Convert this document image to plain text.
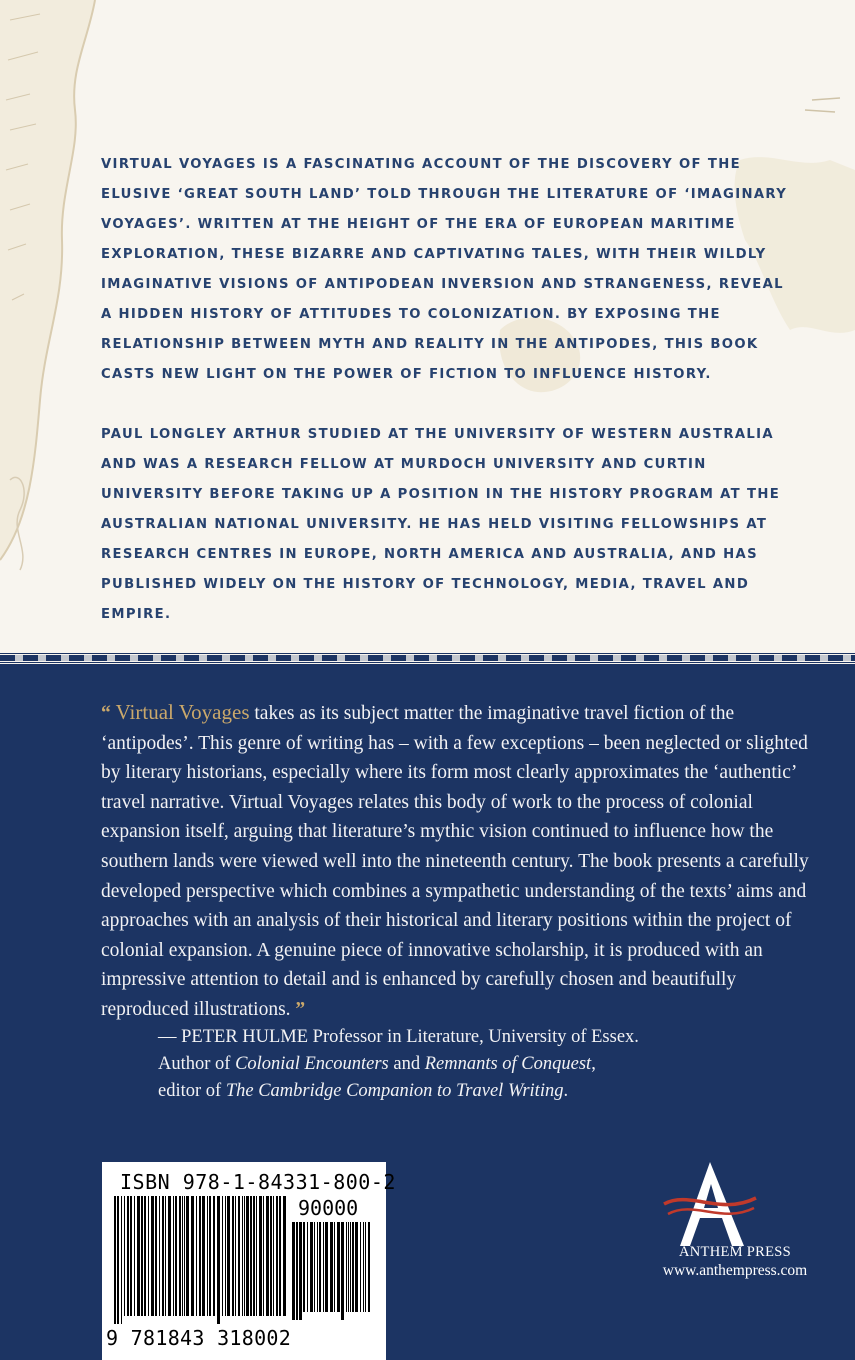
VIRTUAL VOYAGES IS A FASCINATING ACCOUNT OF THE DISCOVERY OF THE ELUSIVE ‘GREAT SOUTH LAND’ TOLD THROUGH THE LITERATURE OF ‘IMAGINARY VOYAGES’. WRITTEN AT THE HEIGHT OF THE ERA OF EUROPEAN MARITIME EXPLORATION, THESE BIZARRE AND CAPTIVATING TALES, WITH THEIR WILDLY IMAGINATIVE VISIONS OF ANTIPODEAN INVERSION AND STRANGENESS, REVEAL A HIDDEN HISTORY OF ATTITUDES TO COLONIZATION. BY EXPOSING THE RELATIONSHIP BETWEEN MYTH AND REALITY IN THE ANTIPODES, THIS BOOK CASTS NEW LIGHT ON THE POWER OF FICTION TO INFLUENCE HISTORY.

PAUL LONGLEY ARTHUR STUDIED AT THE UNIVERSITY OF WESTERN AUSTRALIA AND WAS A RESEARCH FELLOW AT MURDOCH UNIVERSITY AND CURTIN UNIVERSITY BEFORE TAKING UP A POSITION IN THE HISTORY PROGRAM AT THE AUSTRALIAN NATIONAL UNIVERSITY. HE HAS HELD VISITING FELLOWSHIPS AT RESEARCH CENTRES IN EUROPE, NORTH AMERICA AND AUSTRALIA, AND HAS PUBLISHED WIDELY ON THE HISTORY OF TECHNOLOGY, MEDIA, TRAVEL AND EMPIRE.

“ Virtual Voyages takes as its subject matter the imaginative travel fiction of the ‘antipodes’. This genre of writing has – with a few exceptions – been neglected or slighted by literary historians, especially where its form most clearly approximates the ‘authentic’ travel narrative. Virtual Voyages relates this body of work to the process of colonial expansion itself, arguing that literature’s mythic vision continued to influence how the southern lands were viewed well into the nineteenth century. The book presents a carefully developed perspective which combines a sympathetic understanding of the texts’ aims and approaches with an analysis of their historical and literary positions within the project of colonial expansion. A genuine piece of innovative scholarship, it is produced with an impressive attention to detail and is enhanced by carefully chosen and beautifully reproduced illustrations. ”
— PETER HULME Professor in Literature, University of Essex.
Author of Colonial Encounters and Remnants of Conquest,
editor of The Cambridge Companion to Travel Writing.
ISBN 978-1-84331-800-2
90000
9 781843 318002
ANTHEM PRESS
www.anthempress.com
